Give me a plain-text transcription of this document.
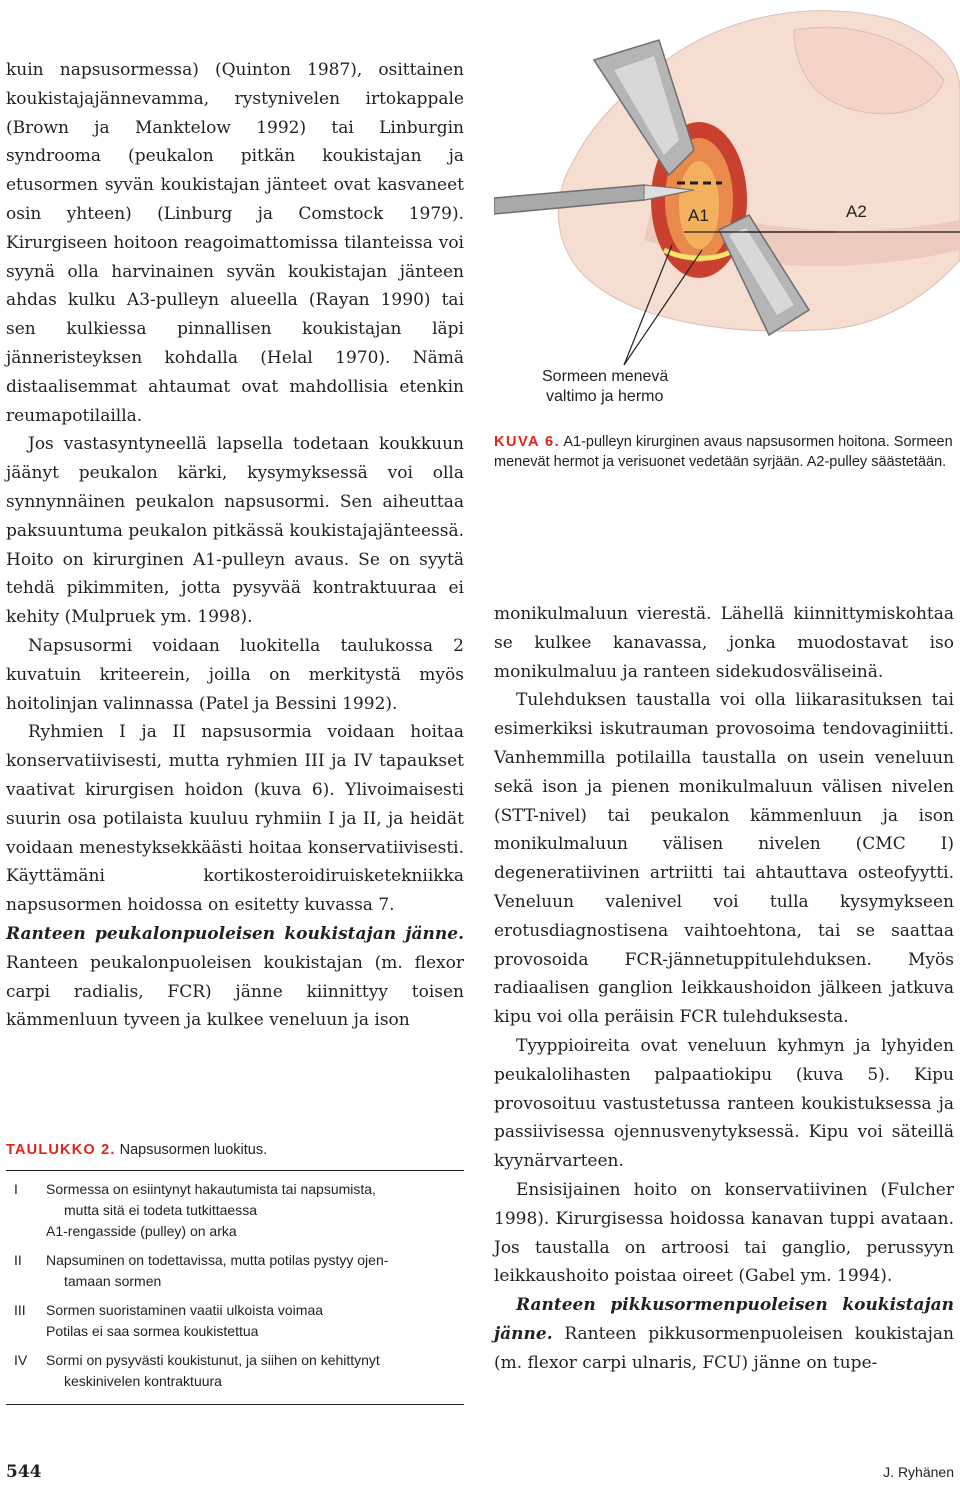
kuin napsusormessa) (Quinton 1987), osittainen koukistajajännevamma, rystynivelen irtokappale (Brown ja Manktelow 1992) tai Linburgin syndrooma (peukalon pitkän koukistajan ja etusormen syvän koukistajan jänteet ovat kasvaneet osin yhteen) (Linburg ja Comstock 1979). Kirurgiseen hoitoon reagoimattomissa tilanteissa voi syynä olla harvinainen syvän koukistajan jänteen ahdas kulku A3-pulleyn alueella (Rayan 1990) tai sen kulkiessa pinnallisen koukistajan läpi jänneristeyksen kohdalla (Helal 1970). Nämä distaalisemmat ahtaumat ovat mahdollisia etenkin reumapotilailla.

Jos vastasyntyneellä lapsella todetaan koukkuun jäänyt peukalon kärki, kysymyksessä voi olla synnynnäinen peukalon napsusormi. Sen aiheuttaa paksuuntuma peukalon pitkässä koukistajajänteessä. Hoito on kirurginen A1-pulleyn avaus. Se on syytä tehdä pikimmiten, jotta pysyvää kontraktuuraa ei kehity (Mulpruek ym. 1998).

Napsusormi voidaan luokitella taulukossa 2 kuvatuin kriteerein, joilla on merkitystä myös hoitolinjan valinnassa (Patel ja Bessini 1992).

Ryhmien I ja II napsusormia voidaan hoitaa konservatiivisesti, mutta ryhmien III ja IV tapaukset vaativat kirurgisen hoidon (kuva 6). Ylivoimaisesti suurin osa potilaista kuuluu ryhmiin I ja II, ja heidät voidaan menestyksekkäästi hoitaa konservatiivisesti. Käyttämäni kortikosteroidiruisketekniikka napsusormen hoidossa on esitetty kuvassa 7.

Ranteen peukalonpuoleisen koukistajan jänne. Ranteen peukalonpuoleisen koukistajan (m. flexor carpi radialis, FCR) jänne kiinnittyy toisen kämmenluun tyveen ja kulkee veneluun ja ison

A1	A2
Sormeen menevä
valtimo ja hermo
KUVA 6. A1-pulleyn kirurginen avaus napsusormen hoitona. Sormeen menevät hermot ja verisuonet vedetään syrjään. A2-pulley säästetään.

monikulmaluun vierestä. Lähellä kiinnittymiskohtaa se kulkee kanavassa, jonka muodostavat iso monikulmaluu ja ranteen sidekudosväliseinä.

Tulehduksen taustalla voi olla liikarasituksen tai esimerkiksi iskutrauman provosoima tendovaginiitti. Vanhemmilla potilailla taustalla on usein veneluun sekä ison ja pienen monikulmaluun välisen nivelen (STT-nivel) tai peukalon kämmenluun ja ison monikulmaluun välisen nivelen (CMC I) degeneratiivinen artriitti tai ahtauttava osteofyytti. Veneluun valenivel voi tulla kysymykseen erotusdiagnostisena vaihtoehtona, tai se saattaa provosoida FCR-jännetuppitulehduksen. Myös radiaalisen ganglion leikkaushoidon jälkeen jatkuva kipu voi olla peräisin FCR tulehduksesta.

Tyyppioireita ovat veneluun kyhmyn ja lyhyiden peukalolihasten palpaatiokipu (kuva 5). Kipu provosoituu vastustetussa ranteen koukistuksessa ja passiivisessa ojennusvenytyksessä. Kipu voi säteillä kyynärvarteen.

Ensisijainen hoito on konservatiivinen (Fulcher 1998). Kirurgisessa hoidossa kanavan tuppi avataan. Jos taustalla on artroosi tai ganglio, perussyyn leikkaushoito poistaa oireet (Gabel ym. 1994).

Ranteen pikkusormenpuoleisen koukistajan jänne. Ranteen pikkusormenpuoleisen koukistajan (m. flexor carpi ulnaris, FCU) jänne on tupe-

TAULUKKO 2. Napsusormen luokitus.
I	Sormessa on esiintynyt hakautumista tai napsumista,
mutta sitä ei todeta tutkittaessa
A1-rengasside (pulley) on arka
II	Napsuminen on todettavissa, mutta potilas pystyy ojen-
tamaan sormen
III	Sormen suoristaminen vaatii ulkoista voimaa
Potilas ei saa sormea koukistettua
IV	Sormi on pysyvästi koukistunut, ja siihen on kehittynyt
keskinivelen kontraktuura
544	J. Ryhänen
